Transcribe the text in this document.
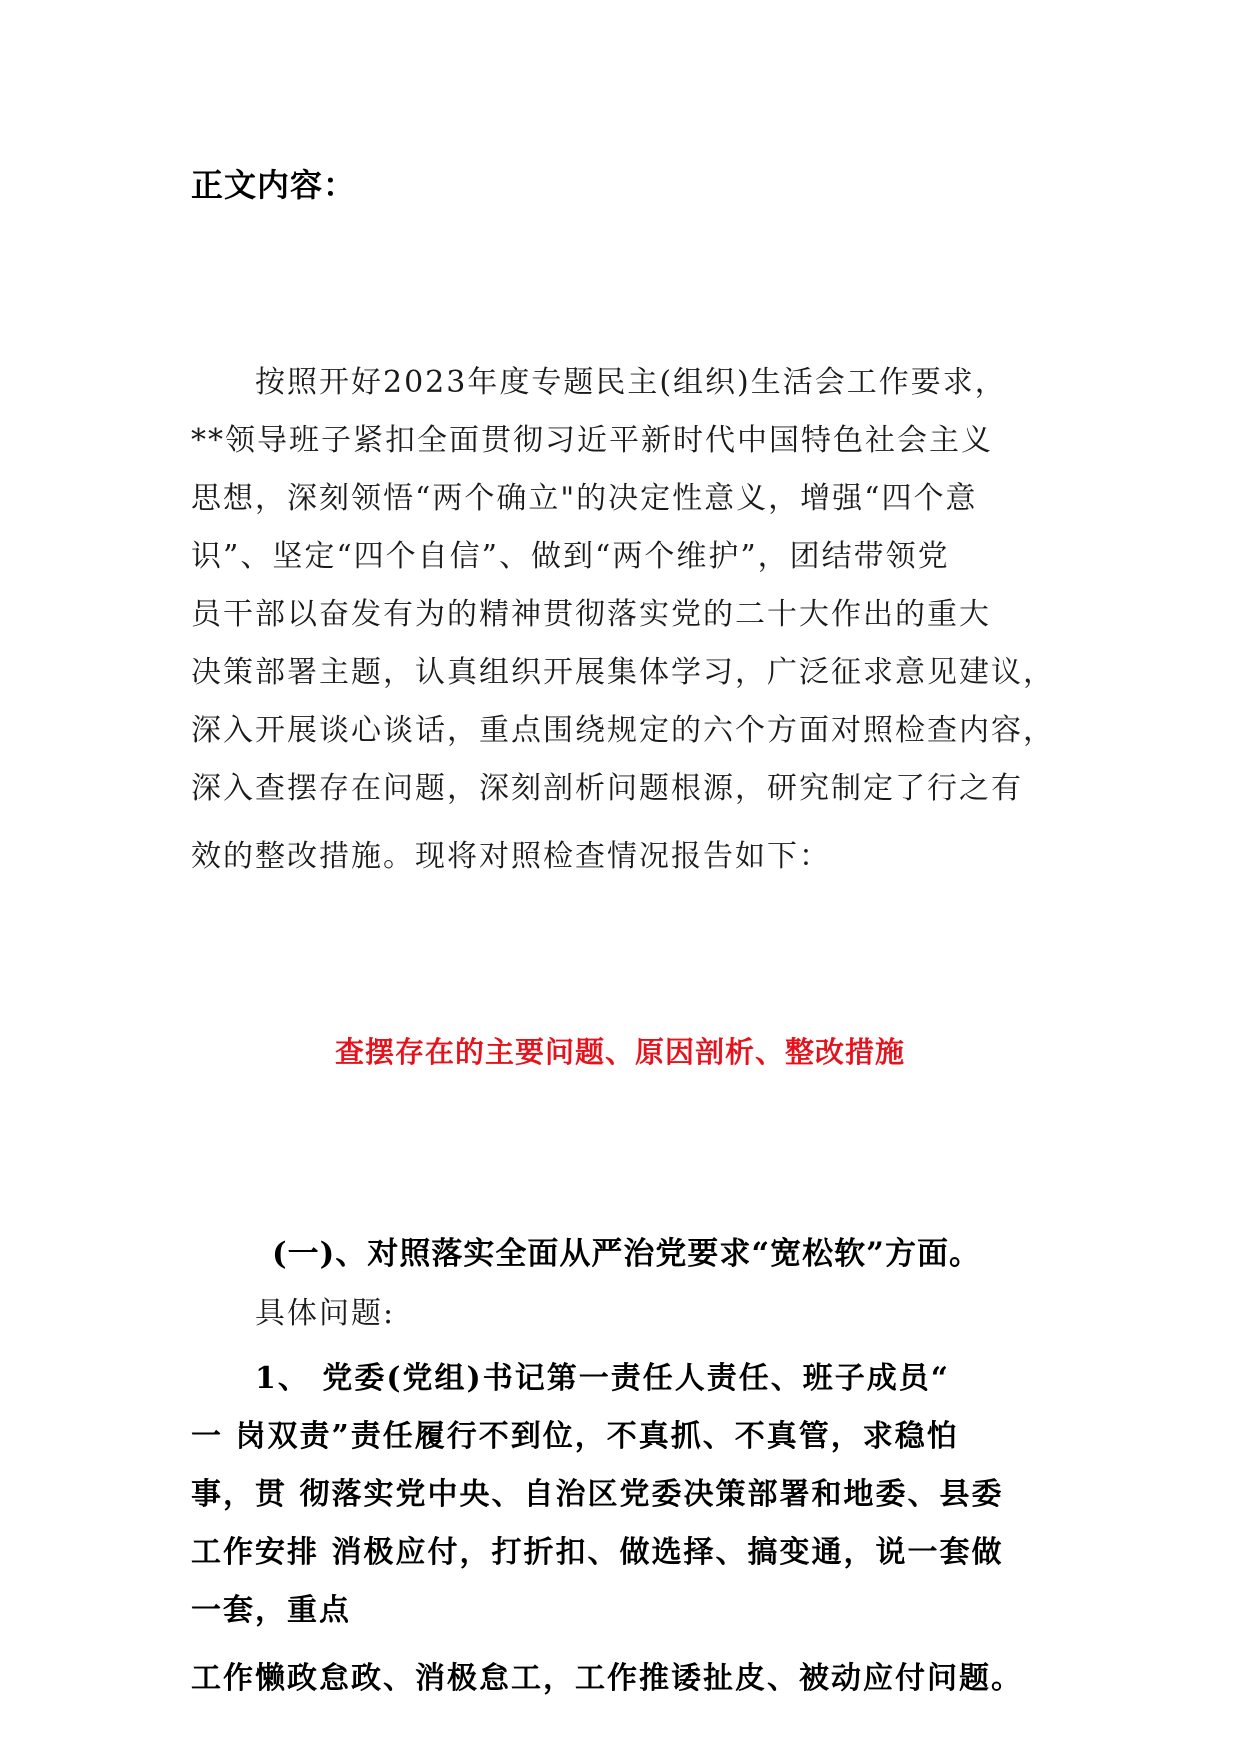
正文内容：
按照开好2023年度专题民主(组织)生活会工作要求，
**领导班子紧扣全面贯彻习近平新时代中国特色社会主义
思想，深刻领悟“两个确立"的决定性意义，增强“四个意
识”、坚定“四个自信”、做到“两个维护”，团结带领党
员干部以奋发有为的精神贯彻落实党的二十大作出的重大
决策部署主题，认真组织开展集体学习，广泛征求意见建议，
深入开展谈心谈话，重点围绕规定的六个方面对照检查内容，
深入查摆存在问题，深刻剖析问题根源，研究制定了行之有
效的整改措施。现将对照检查情况报告如下：
查摆存在的主要问题、原因剖析、整改措施
(一)、对照落实全面从严治党要求“宽松软”方面。
具体问题:
1、 党委(党组)书记第一责任人责任、班子成员“
一 岗双责”责任履行不到位，不真抓、不真管，求稳怕
事，贯 彻落实党中央、自治区党委决策部署和地委、县委
工作安排 消极应付，打折扣、做选择、搞变通，说一套做
一套，重点
工作懒政怠政、消极怠工，工作推诿扯皮、被动应付问题。
